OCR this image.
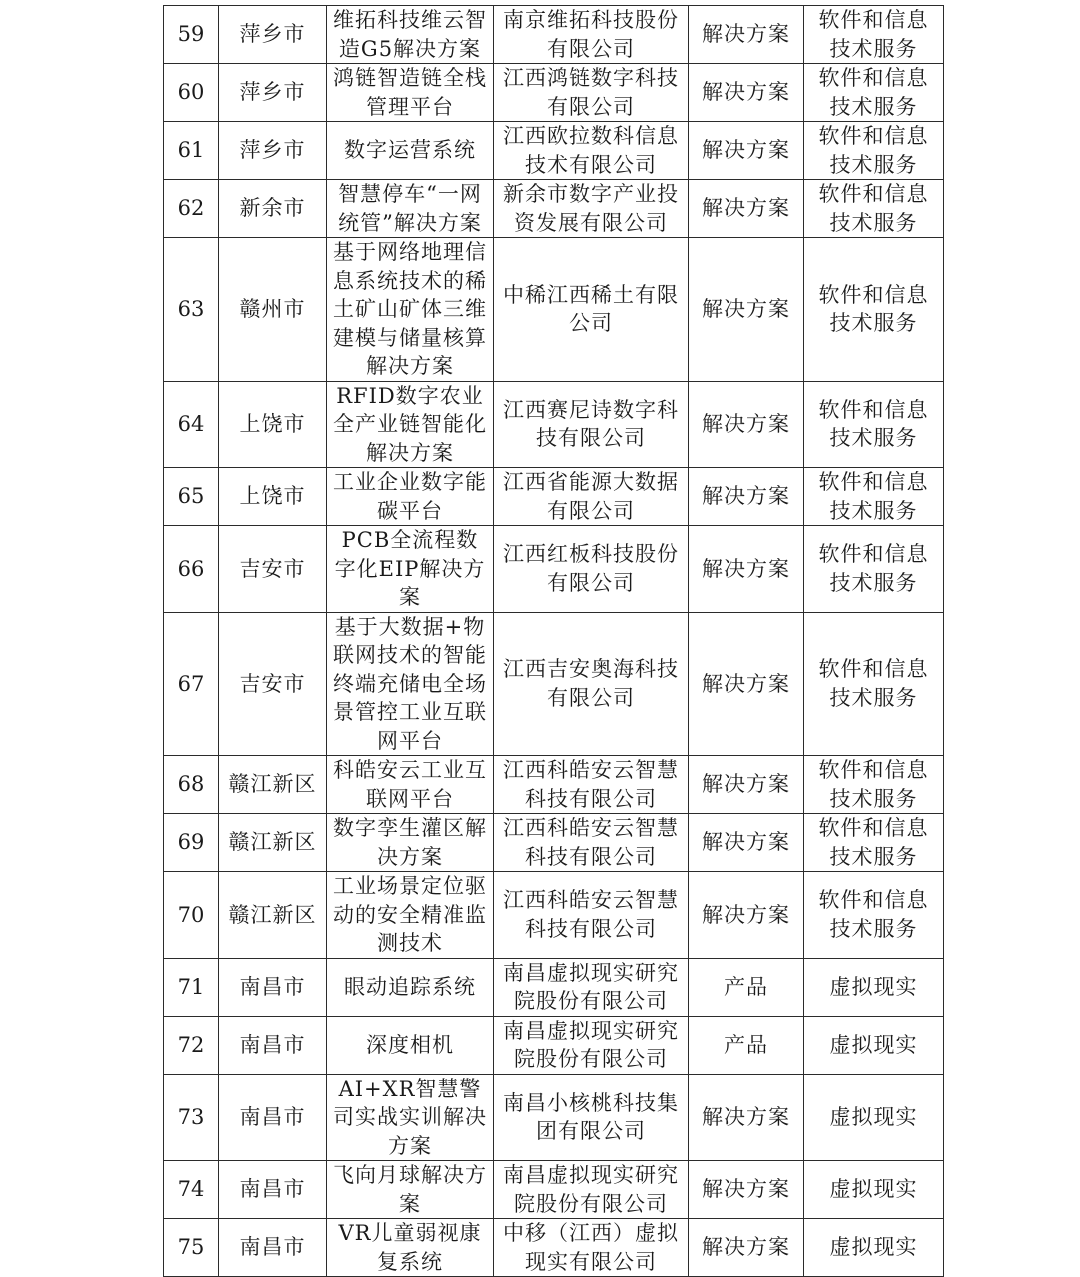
59	萍乡市	维拓科技维云智造G5解决方案	南京维拓科技股份有限公司	解决方案	软件和信息技术服务

60	萍乡市	鸿链智造链全栈管理平台	江西鸿链数字科技有限公司	解决方案	软件和信息技术服务

61	萍乡市	数字运营系统	江西欧拉数科信息技术有限公司	解决方案	软件和信息技术服务

62	新余市	智慧停车“一网统管”解决方案	新余市数字产业投资发展有限公司	解决方案	软件和信息技术服务

63	赣州市	基于网络地理信息系统技术的稀土矿山矿体三维建模与储量核算解决方案	中稀江西稀土有限公司	解决方案	软件和信息技术服务

64	上饶市	RFID数字农业全产业链智能化解决方案	江西赛尼诗数字科技有限公司	解决方案	软件和信息技术服务

65	上饶市	工业企业数字能碳平台	江西省能源大数据有限公司	解决方案	软件和信息技术服务

66	吉安市	PCB全流程数字化EIP解决方案	江西红板科技股份有限公司	解决方案	软件和信息技术服务

67	吉安市	基于大数据+物联网技术的智能终端充储电全场景管控工业互联网平台	江西吉安奥海科技有限公司	解决方案	软件和信息技术服务

68	赣江新区	科皓安云工业互联网平台	江西科皓安云智慧科技有限公司	解决方案	软件和信息技术服务

69	赣江新区	数字孪生灌区解决方案	江西科皓安云智慧科技有限公司	解决方案	软件和信息技术服务

70	赣江新区	工业场景定位驱动的安全精准监测技术	江西科皓安云智慧科技有限公司	解决方案	软件和信息技术服务

71	南昌市	眼动追踪系统	南昌虚拟现实研究院股份有限公司	产品	虚拟现实

72	南昌市	深度相机	南昌虚拟现实研究院股份有限公司	产品	虚拟现实

73	南昌市	AI+XR智慧警司实战实训解决方案	南昌小核桃科技集团有限公司	解决方案	虚拟现实

74	南昌市	飞向月球解决方案	南昌虚拟现实研究院股份有限公司	解决方案	虚拟现实

75	南昌市	VR儿童弱视康复系统	中移（江西）虚拟现实有限公司	解决方案	虚拟现实
